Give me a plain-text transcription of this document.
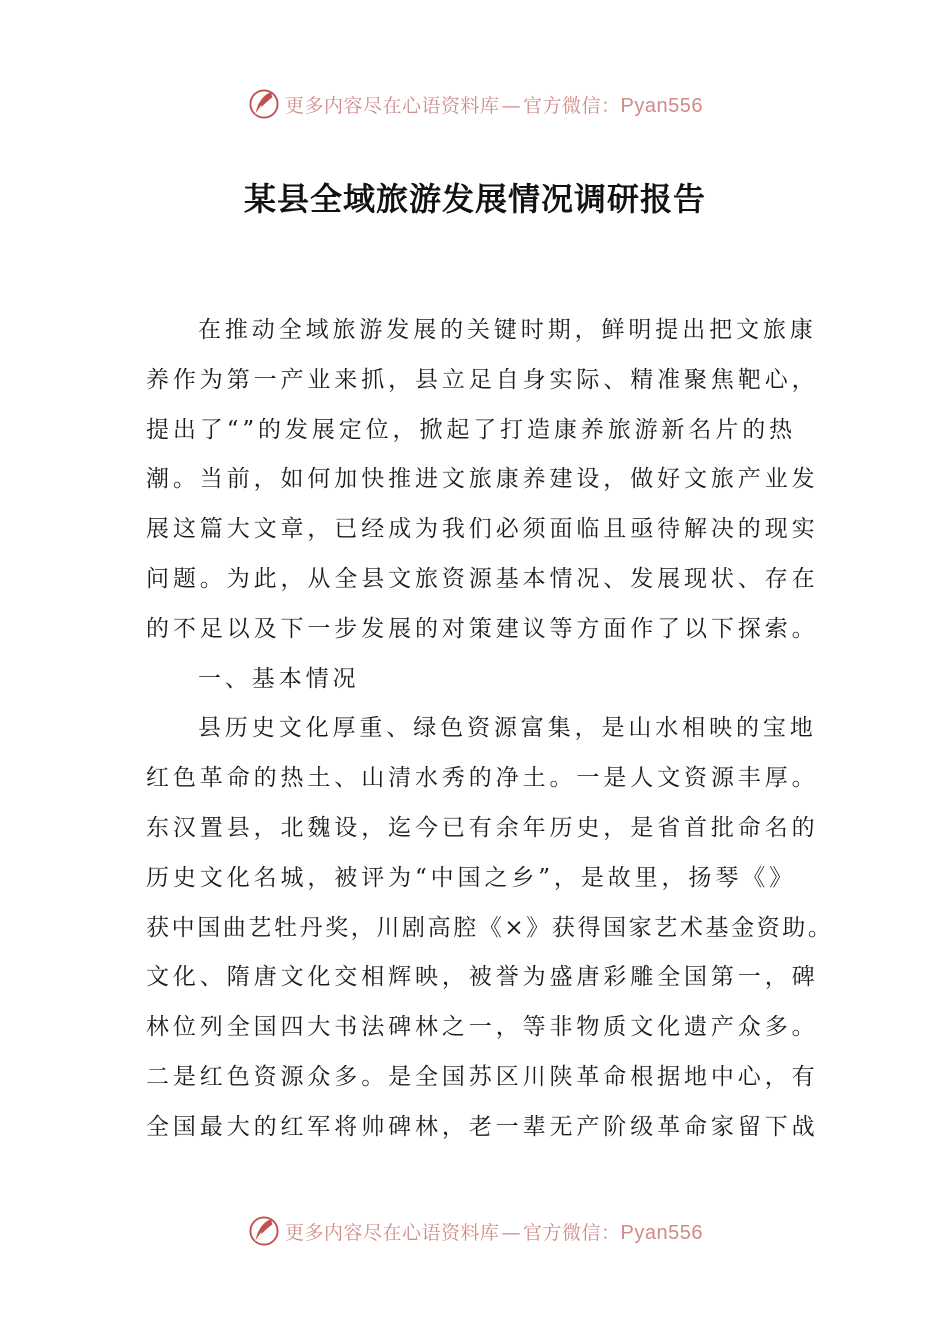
更多内容尽在心语资料库 — 官方微信：Pyan556
某县全域旅游发展情况调研报告
在推动全域旅游发展的关键时期，鲜明提出把文旅康
养作为第一产业来抓，县立足自身实际、精准聚焦靶心，
提出了“”的发展定位，掀起了打造康养旅游新名片的热
潮。当前，如何加快推进文旅康养建设，做好文旅产业发
展这篇大文章，已经成为我们必须面临且亟待解决的现实
问题。为此，从全县文旅资源基本情况、发展现状、存在
的不足以及下一步发展的对策建议等方面作了以下探索。
一、基本情况
县历史文化厚重、绿色资源富集，是山水相映的宝地
红色革命的热土、山清水秀的净土。一是人文资源丰厚。
东汉置县，北魏设，迄今已有余年历史，是省首批命名的
历史文化名城，被评为“中国之乡”，是故里，扬琴《》
获中国曲艺牡丹奖，川剧高腔《×》获得国家艺术基金资助。
文化、隋唐文化交相辉映，被誉为盛唐彩雕全国第一，碑
林位列全国四大书法碑林之一，等非物质文化遗产众多。
二是红色资源众多。是全国苏区川陕革命根据地中心，有
全国最大的红军将帅碑林，老一辈无产阶级革命家留下战
更多内容尽在心语资料库 — 官方微信：Pyan556
